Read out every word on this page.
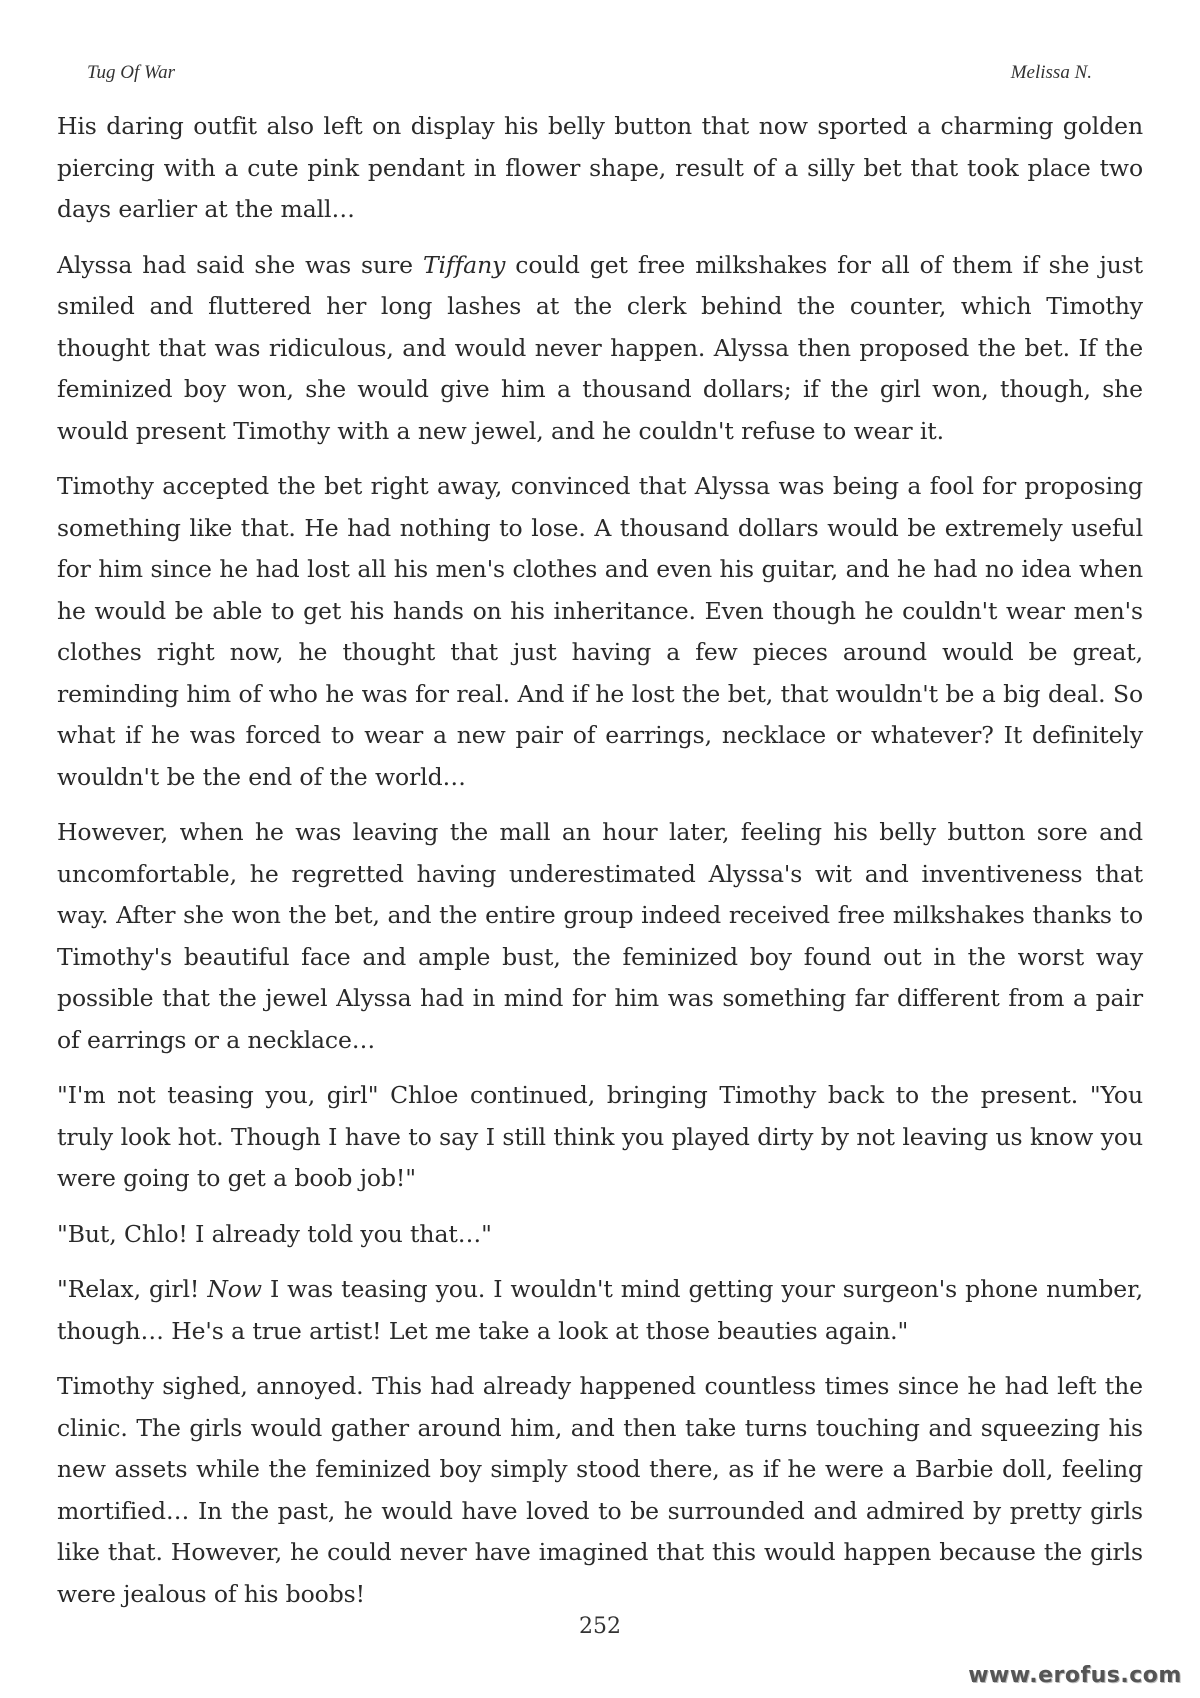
Tug Of War	Melissa N.

His daring outfit also left on display his belly button that now sported a charming golden piercing with a cute pink pendant in flower shape, result of a silly bet that took place two days earlier at the mall…

Alyssa had said she was sure Tiffany could get free milkshakes for all of them if she just smiled and fluttered her long lashes at the clerk behind the counter, which Timothy thought that was ridiculous, and would never happen. Alyssa then proposed the bet. If the feminized boy won, she would give him a thousand dollars; if the girl won, though, she would present Timothy with a new jewel, and he couldn't refuse to wear it.

Timothy accepted the bet right away, convinced that Alyssa was being a fool for proposing something like that. He had nothing to lose. A thousand dollars would be extremely useful for him since he had lost all his men's clothes and even his guitar, and he had no idea when he would be able to get his hands on his inheritance. Even though he couldn't wear men's clothes right now, he thought that just having a few pieces around would be great, reminding him of who he was for real. And if he lost the bet, that wouldn't be a big deal. So what if he was forced to wear a new pair of earrings, necklace or whatever? It definitely wouldn't be the end of the world…

However, when he was leaving the mall an hour later, feeling his belly button sore and uncomfortable, he regretted having underestimated Alyssa's wit and inventiveness that way. After she won the bet, and the entire group indeed received free milkshakes thanks to Timothy's beautiful face and ample bust, the feminized boy found out in the worst way possible that the jewel Alyssa had in mind for him was something far different from a pair of earrings or a necklace…

"I'm not teasing you, girl" Chloe continued, bringing Timothy back to the present. "You truly look hot. Though I have to say I still think you played dirty by not leaving us know you were going to get a boob job!"

"But, Chlo! I already told you that…"

"Relax, girl! Now I was teasing you. I wouldn't mind getting your surgeon's phone number, though… He's a true artist! Let me take a look at those beauties again."

Timothy sighed, annoyed. This had already happened countless times since he had left the clinic. The girls would gather around him, and then take turns touching and squeezing his new assets while the feminized boy simply stood there, as if he were a Barbie doll, feeling mortified… In the past, he would have loved to be surrounded and admired by pretty girls like that. However, he could never have imagined that this would happen because the girls were jealous of his boobs!

252
www.erofus.com
